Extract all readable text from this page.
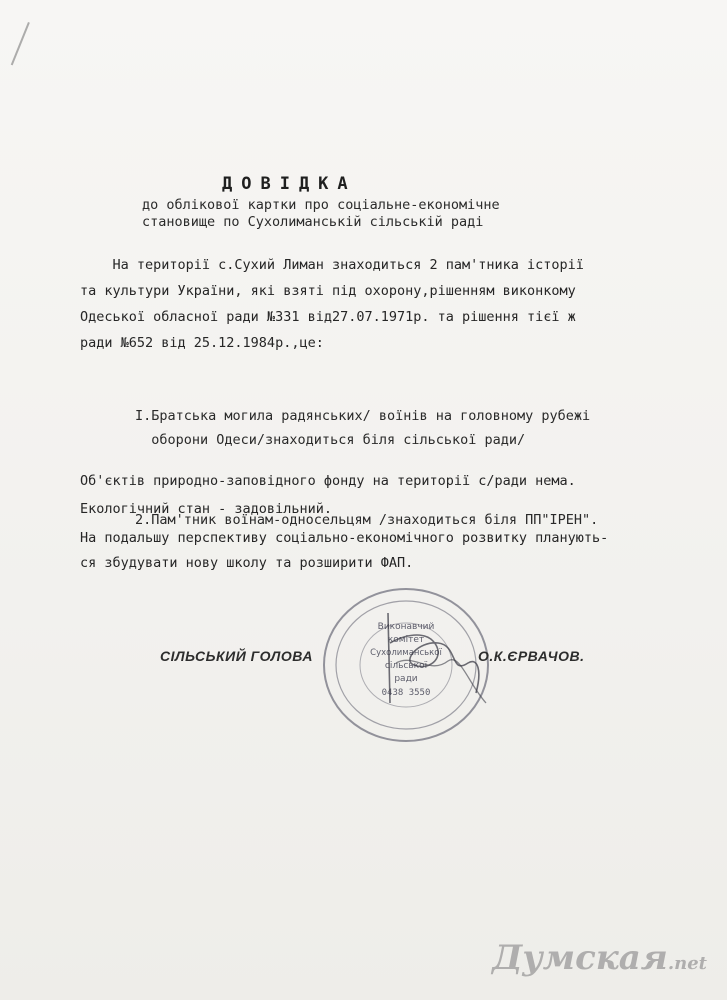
ДОВІДКА
до облікової картки про соціальне-економічне
становище по Сухолиманській сільській раді
На території с.Сухий Лиман знаходиться 2 пам'тника історії
та культури України, які взяті під охорону,рішенням виконкому
Одеської обласної ради №331 від27.07.1971р. та рішення тієї ж
ради №652 від 25.12.1984р.,це:

І.Братська могила радянських/ воїнів на головному рубежі
оборони Одеси/знаходиться біля сільської ради/

2.Пам'тник воїнам-односельцям /знаходиться біля ПП"ІРЕН".

Об'єктів природно-заповідного фонду на території с/ради нема.
Екологічний стан - задовільний.
На подальшу перспективу соціально-економічного розвитку планують-
ся збудувати нову школу та розширити ФАП.
Виконавчий
комітет
Сухолиманської
сільської
ради
0438 3550
СІЛЬСЬКИЙ ГОЛОВА	О.К.ЄРВАЧОВ.
Думская.net
